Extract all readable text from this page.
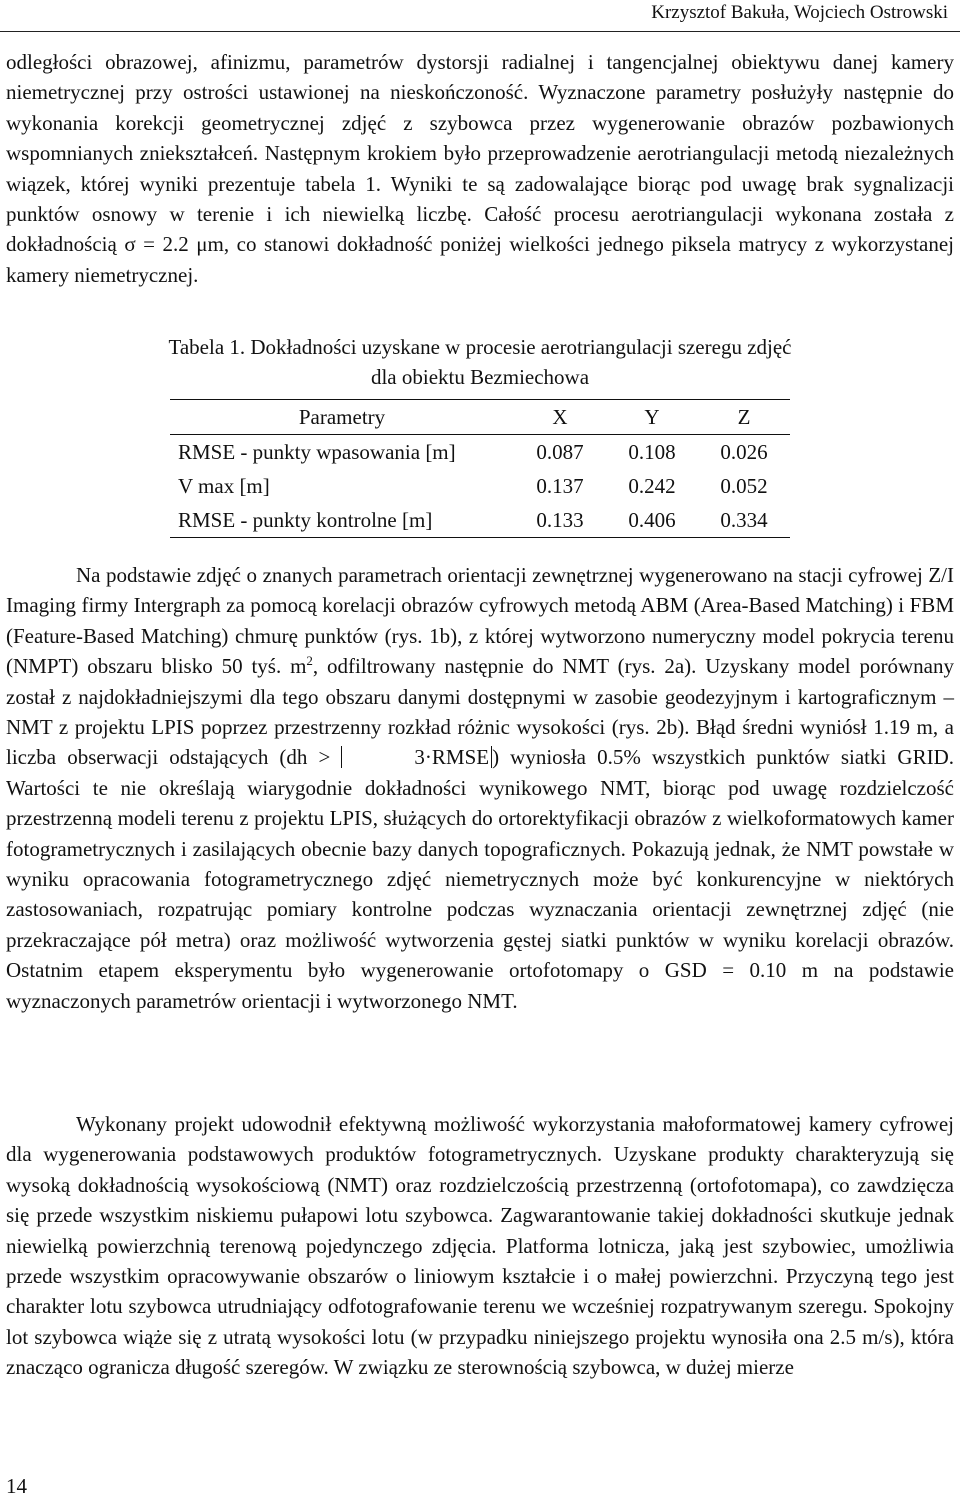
Krzysztof Bakuła, Wojciech Ostrowski

odległości obrazowej, afinizmu, parametrów dystorsji radialnej i tangencjalnej obiektywu danej kamery niemetrycznej przy ostrości ustawionej na nieskończoność. Wyznaczone parametry posłużyły następnie do wykonania korekcji geometrycznej zdjęć z szybowca przez wygenerowanie obrazów pozbawionych wspomnianych zniekształceń. Następnym krokiem było przeprowadzenie aerotriangulacji metodą niezależnych wiązek, której wyniki prezentuje tabela 1. Wyniki te są zadowalające biorąc pod uwagę brak sygnalizacji punktów osnowy w terenie i ich niewielką liczbę. Całość procesu aerotriangulacji wykonana została z dokładnością σ = 2.2 μm, co stanowi dokładność poniżej wielkości jednego piksela matrycy z wykorzystanej kamery niemetrycznej.

Tabela 1. Dokładności uzyskane w procesie aerotriangulacji szeregu zdjęć
dla obiektu Bezmiechowa
Parametry	X	Y	Z
RMSE - punkty wpasowania [m]	0.087	0.108	0.026
V max [m]	0.137	0.242	0.052
RMSE - punkty kontrolne [m]	0.133	0.406	0.334

Na podstawie zdjęć o znanych parametrach orientacji zewnętrznej wygenerowano na stacji cyfrowej Z/I Imaging firmy Intergraph za pomocą korelacji obrazów cyfrowych metodą ABM (Area-Based Matching) i FBM (Feature-Based Matching) chmurę punktów (rys. 1b), z której wytworzono numeryczny model pokrycia terenu (NMPT) obszaru blisko 50 tyś. $m^2$, odfiltrowany następnie do NMT (rys. 2a). Uzyskany model porównany został z najdokładniejszymi dla tego obszaru danymi dostępnymi w zasobie geodezyjnym i kartograficznym – NMT z projektu LPIS poprzez przestrzenny rozkład różnic wysokości (rys. 2b). Błąd średni wyniósł 1.19 m, a liczba obserwacji odstających (dh >	3·RMSE ) wyniosła 0.5% wszystkich punktów siatki GRID. Wartości te nie określają wiarygodnie dokładności wynikowego NMT, biorąc pod uwagę rozdzielczość przestrzenną modeli terenu z projektu LPIS, służących do ortorektyfikacji obrazów z wielkoformatowych kamer fotogrametrycznych i zasilających obecnie bazy danych topograficznych. Pokazują jednak, że NMT powstałe w wyniku opracowania fotogrametrycznego zdjęć niemetrycznych może być konkurencyjne w niektórych zastosowaniach, rozpatrując pomiary kontrolne podczas wyznaczania orientacji zewnętrznej zdjęć (nie przekraczające pół metra) oraz możliwość wytworzenia gęstej siatki punktów w wyniku korelacji obrazów. Ostatnim etapem eksperymentu było wygenerowanie ortofotomapy o GSD = 0.10 m na podstawie wyznaczonych parametrów orientacji i wytworzonego NMT.

Wykonany projekt udowodnił efektywną możliwość wykorzystania małoformatowej kamery cyfrowej dla wygenerowania podstawowych produktów fotogrametrycznych. Uzyskane produkty charakteryzują się wysoką dokładnością wysokościową (NMT) oraz rozdzielczością przestrzenną (ortofotomapa), co zawdzięcza się przede wszystkim niskiemu pułapowi lotu szybowca. Zagwarantowanie takiej dokładności skutkuje jednak niewielką powierzchnią terenową pojedynczego zdjęcia. Platforma lotnicza, jaką jest szybowiec, umożliwia przede wszystkim opracowywanie obszarów o liniowym kształcie i o małej powierzchni. Przyczyną tego jest charakter lotu szybowca utrudniający odfotografowanie terenu we wcześniej rozpatrywanym szeregu. Spokojny lot szybowca wiąże się z utratą wysokości lotu (w przypadku niniejszego projektu wynosiła ona 2.5 m/s), która znacząco ogranicza długość szeregów. W związku ze sterownością szybowca, w dużej mierze

14
